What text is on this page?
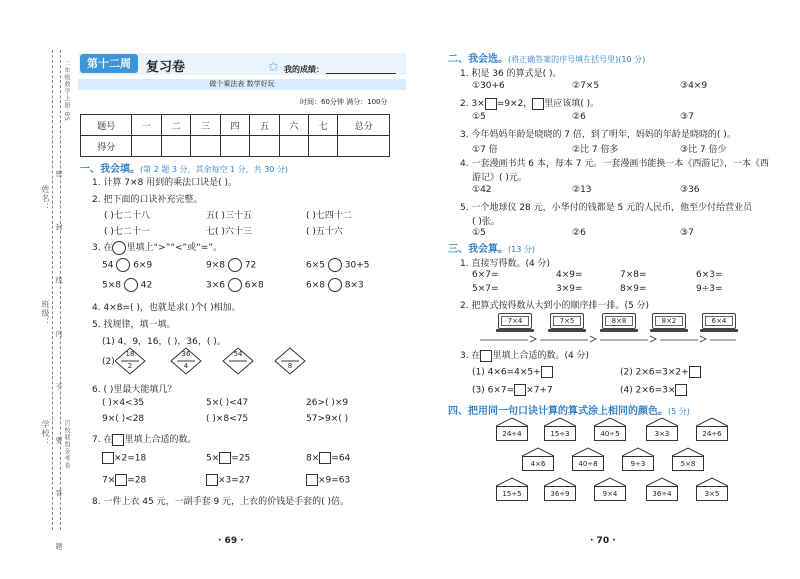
姓名：
班级：
学校： 密 封 线 内 不 要 答 题
二年级数学上册·BS
百校联盟金考卷
第十二周	复习卷	✩ 我的成绩：
做个乘法表 数学好玩
时间：60分钟 满分：100分
题号	一	二	三	四	五	六	七	总分
得分								
一、我会填。(第 2 题 3 分，其余每空 1 分，共 30 分)
1. 计算 7×8 用到的乘法口诀是( )。
2. 把下面的口诀补充完整。
( )七二十八	五( )三十五	( )七四十二
( )七二十一	七( )六十三	( )五十六
3. 在 里填上“>”“<”或“=”。
54 6×9	9×8 72	6×5 30+5
5×8 42	3×6 6×8	6×8 8×3
4. 4×8=( )，也就是求( )个( )相加。
5. 找规律，填一填。
(1) 4，9，16，( )，36，( )。
(2)
18
2
36
4
54
8
6. ( )里最大能填几？
( )×4<35	5×( )<47	26>( )×9
9×( )<28	( )×8<75	57>9×( )
7. 在 里填上合适的数。
×2=18	5× =25	8× =64
7× =28	×3=27	×9=63
8. 一件上衣 45 元，一副手套 9 元，上衣的价钱是手套的( )倍。
· 69 ·
二、我会选。(将正确答案的序号填在括号里)(10 分)
1. 积是 36 的算式是( )。
①30+6	②7×5	③4×9
2. 3× =9×2， 里应该填( )。
①5	②6	③7
3. 今年妈妈年龄是晓晓的 7 倍，到了明年，妈妈的年龄是晓晓的( )。
①7 倍	②比 7 倍多	③比 7 倍少
4. 一套漫画书共 6 本，每本 7 元。一套漫画书能换一本《西游记》，一本《西
游记》( )元。
①42	②13	③36
5. 一个地球仪 28 元，小华付的钱都是 5 元的人民币，他至少付给营业员
( )张。
①5	②6	③7
三、我会算。(13 分)
1. 直接写得数。(4 分)
6×7=	4×9=	7×8=	6×3=
5×7=	3×9=	8×9=	9÷3=
2. 把算式按得数从大到小的顺序排一排。(5 分)
7×4	7×5	8×8	8×2	6×4
3. 在 里填上合适的数。(4 分)
(1) 4×6=4×5+	(2) 2×6=3×2+
(3) 6×7= ×7+7	(4) 2×6=3×
四、把用同一句口诀计算的算式涂上相同的颜色。(5 分)
24÷4	15÷3	40÷5	3×3	24÷6
4×6	40÷8	9÷3	5×8
15÷5	36÷9	9×4	36÷4	3×5
· 70 ·
